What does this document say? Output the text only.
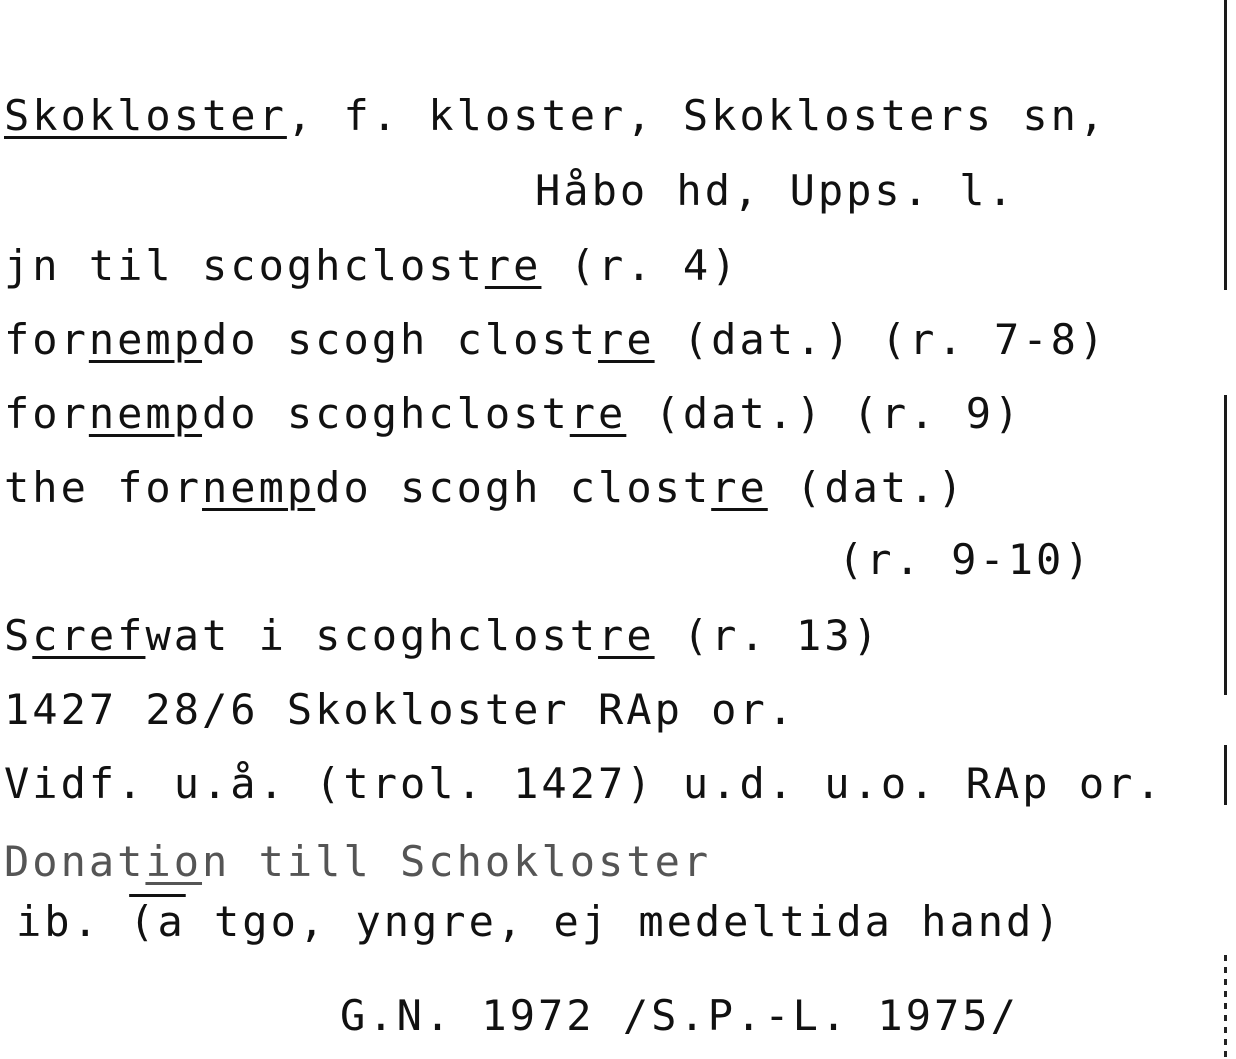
Skokloster, f. kloster, Skoklosters sn,
Håbo hd, Upps. l.
jn til scoghclostre (r. 4)
fornempdo scogh clostre (dat.) (r. 7-8)
fornempdo scoghclostre (dat.) (r. 9)
the fornempdo scogh clostre (dat.)
(r. 9-10)
Screfwat i scoghclostre (r. 13)
1427 28/6 Skokloster RAp or.
Vidf. u.å. (trol. 1427) u.d. u.o. RAp or.
Donation till Schokloster
ib. (a tgo, yngre, ej medeltida hand)
G.N. 1972 /S.P.-L. 1975/
